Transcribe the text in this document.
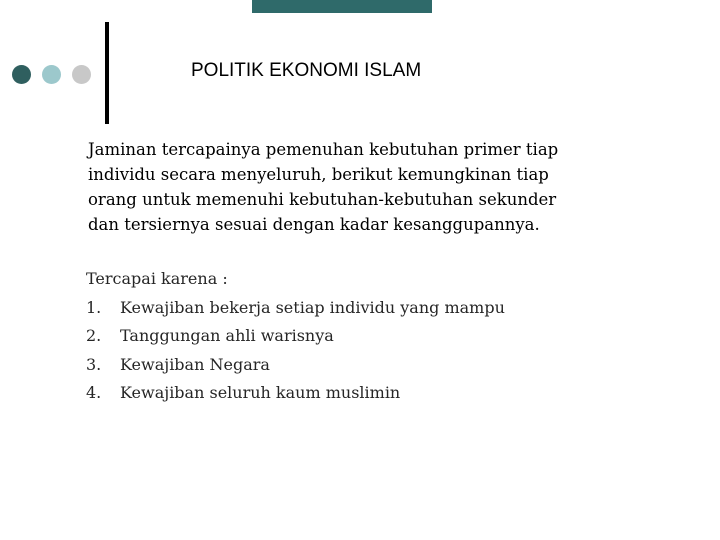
POLITIK EKONOMI ISLAM

Jaminan tercapainya pemenuhan kebutuhan primer tiap
individu secara menyeluruh, berikut kemungkinan tiap
orang untuk memenuhi kebutuhan-kebutuhan sekunder
dan tersiernya sesuai dengan kadar kesanggupannya.

Tercapai karena :
1. Kewajiban bekerja setiap individu yang mampu
2. Tanggungan ahli warisnya
3. Kewajiban Negara
4. Kewajiban seluruh kaum muslimin
